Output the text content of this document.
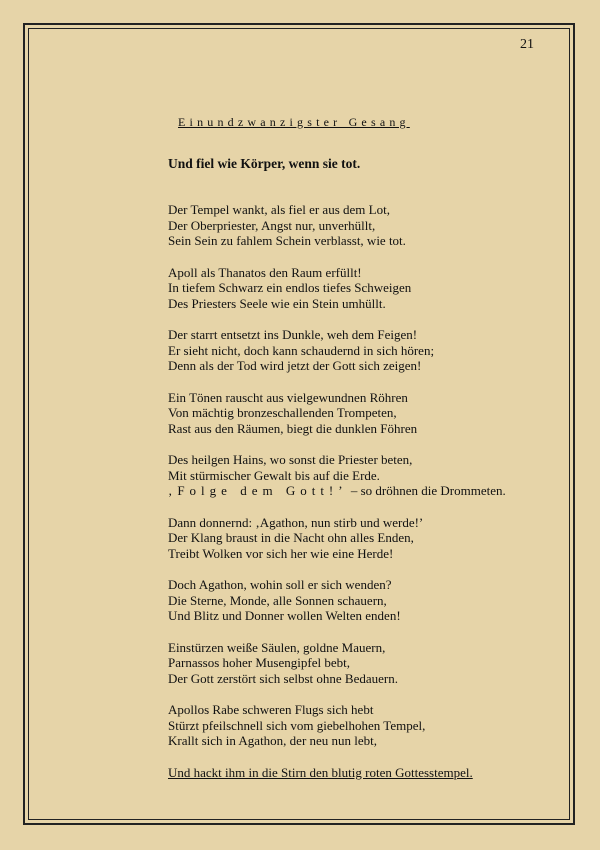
21
Einundzwanzigster Gesang

Und fiel wie Körper, wenn sie tot.

Der Tempel wankt, als fiel er aus dem Lot,
Der Oberpriester, Angst nur, unverhüllt,
Sein Sein zu fahlem Schein verblasst, wie tot.
Apoll als Thanatos den Raum erfüllt!
In tiefem Schwarz ein endlos tiefes Schweigen
Des Priesters Seele wie ein Stein umhüllt.
Der starrt entsetzt ins Dunkle, weh dem Feigen!
Er sieht nicht, doch kann schaudernd in sich hören;
Denn als der Tod wird jetzt der Gott sich zeigen!
Ein Tönen rauscht aus vielgewundnen Röhren
Von mächtig bronzeschallenden Trompeten,
Rast aus den Räumen, biegt die dunklen Föhren
Des heilgen Hains, wo sonst die Priester beten,
Mit stürmischer Gewalt bis auf die Erde.
‚Folge dem Gott!’ – so dröhnen die Drommeten.
Dann donnernd: ‚Agathon, nun stirb und werde!’
Der Klang braust in die Nacht ohn alles Enden,
Treibt Wolken vor sich her wie eine Herde!
Doch Agathon, wohin soll er sich wenden?
Die Sterne, Monde, alle Sonnen schauern,
Und Blitz und Donner wollen Welten enden!
Einstürzen weiße Säulen, goldne Mauern,
Parnassos hoher Musengipfel bebt,
Der Gott zerstört sich selbst ohne Bedauern.
Apollos Rabe schweren Flugs sich hebt
Stürzt pfeilschnell sich vom giebelhohen Tempel,
Krallt sich in Agathon, der neu nun lebt,
Und hackt ihm in die Stirn den blutig roten Gottesstempel.
